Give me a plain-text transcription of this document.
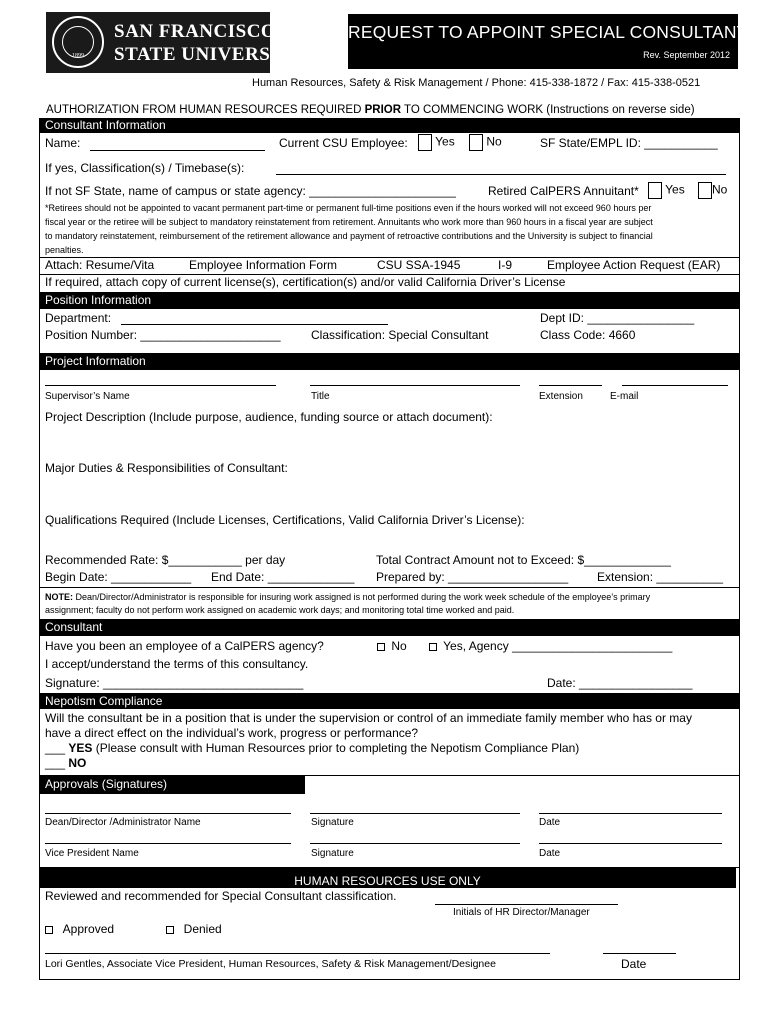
1899
SAN FRANCISCO
STATE UNIVERSITY
REQUEST TO APPOINT SPECIAL CONSULTANT
Rev. September 2012
Human Resources, Safety & Risk Management / Phone: 415-338-1872 / Fax: 415-338-0521
AUTHORIZATION FROM HUMAN RESOURCES REQUIRED PRIOR TO COMMENCING WORK (Instructions on reverse side)
Consultant Information
Name:	Current CSU Employee:	Yes	No	SF State/EMPL ID: ___________
If yes, Classification(s) / Timebase(s):
If not SF State, name of campus or state agency: ______________________	Retired CalPERS Annuitant*	Yes	No
*Retirees should not be appointed to vacant permanent part-time or permanent full-time positions even if the hours worked will not exceed 960 hours per
fiscal year or the retiree will be subject to mandatory reinstatement from retirement. Annuitants who work more than 960 hours in a fiscal year are subject
to mandatory reinstatement, reimbursement of the retirement allowance and payment of retroactive contributions and the University is subject to financial
penalties.
Attach: Resume/Vita	Employee Information Form	CSU SSA-1945	I-9	Employee Action Request (EAR)
If required, attach copy of current license(s), certification(s) and/or valid California Driver’s License
Position Information
Department:	Dept ID: ________________
Position Number: _____________________	Classification: Special Consultant	Class Code: 4660
Project Information
Supervisor’s Name	Title	Extension	E-mail
Project Description (Include purpose, audience, funding source or attach document):
Major Duties & Responsibilities of Consultant:
Qualifications Required (Include Licenses, Certifications, Valid California Driver’s License):
Recommended Rate: $___________ per day	Total Contract Amount not to Exceed: $_____________
Begin Date: ____________ End Date: _____________ Prepared by: __________________ Extension: __________
NOTE: Dean/Director/Administrator is responsible for insuring work assigned is not performed during the work week schedule of the employee’s primary
assignment; faculty do not perform work assigned on academic work days; and monitoring total time worked and paid.
Consultant
Have you been an employee of a CalPERS agency?	No	Yes, Agency ________________________
I accept/understand the terms of this consultancy.
Signature: ______________________________	Date: _________________
Nepotism Compliance
Will the consultant be in a position that is under the supervision or control of an immediate family member who has or may
have a direct effect on the individual’s work, progress or performance?
___ YES (Please consult with Human Resources prior to completing the Nepotism Compliance Plan)
___ NO
Approvals (Signatures)
Dean/Director /Administrator Name	Signature	Date
Vice President Name	Signature	Date
HUMAN RESOURCES USE ONLY
Reviewed and recommended for Special Consultant classification.
Initials of HR Director/Manager
Approved	Denied
Lori Gentles, Associate Vice President, Human Resources, Safety & Risk Management/Designee	Date
